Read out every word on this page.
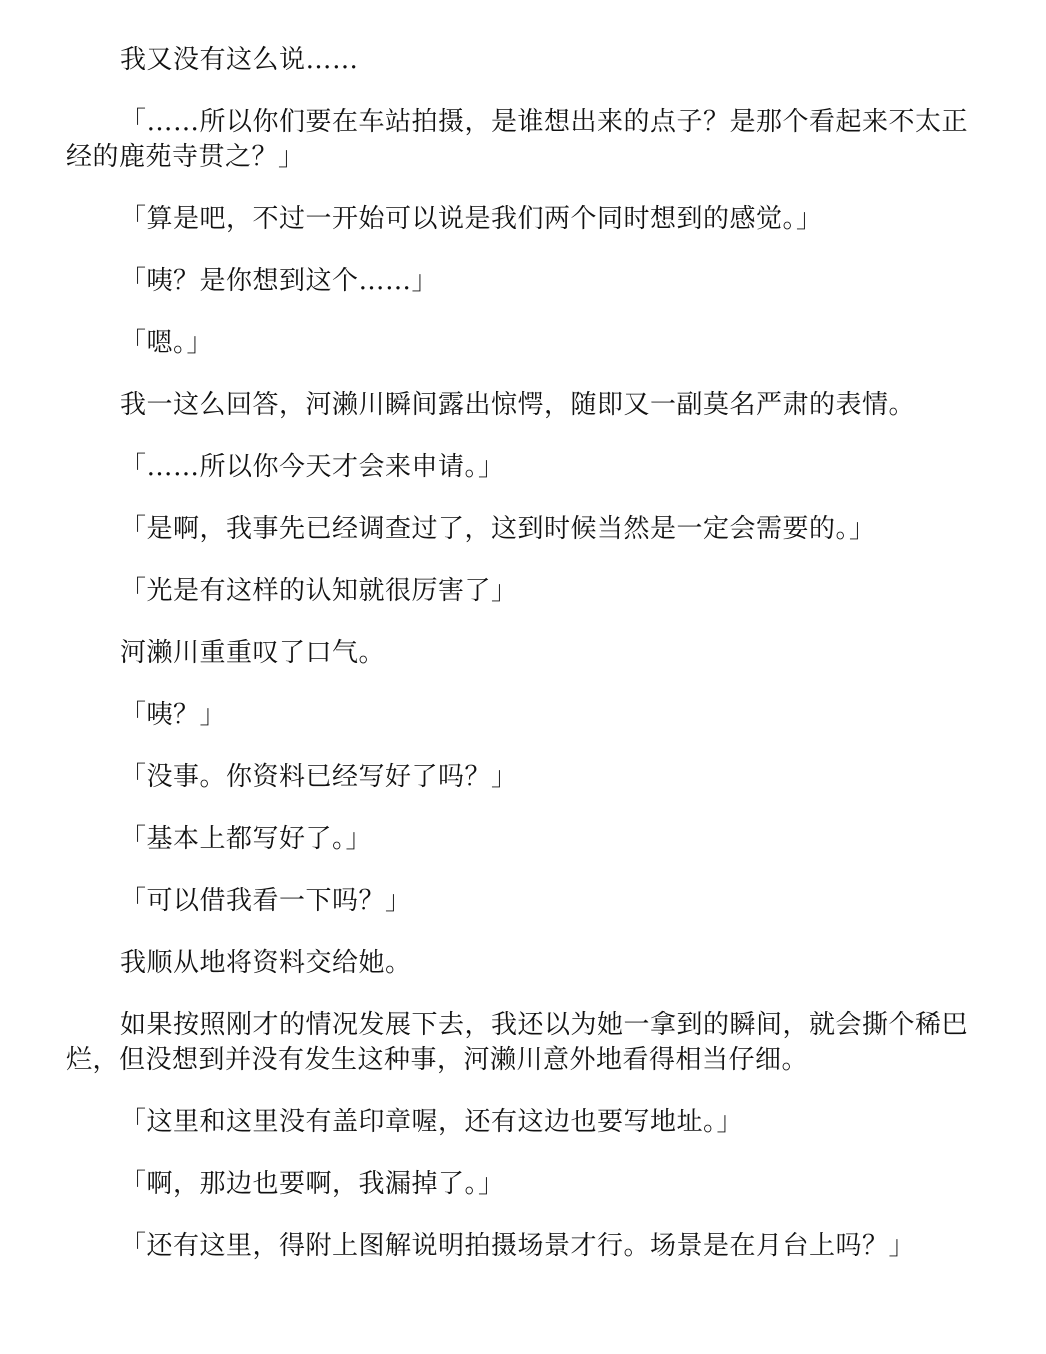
我又没有这么说……

「……所以你们要在车站拍摄，是谁想出来的点子？是那个看起来不太正经的鹿苑寺贯之？」

「算是吧，不过一开始可以说是我们两个同时想到的感觉。」

「咦？是你想到这个……」

「嗯。」

我一这么回答，河濑川瞬间露出惊愕，随即又一副莫名严肃的表情。

「……所以你今天才会来申请。」

「是啊，我事先已经调查过了，这到时候当然是一定会需要的。」

「光是有这样的认知就很厉害了」

河濑川重重叹了口气。

「咦？」

「没事。你资料已经写好了吗？」

「基本上都写好了。」

「可以借我看一下吗？」

我顺从地将资料交给她。

如果按照刚才的情况发展下去，我还以为她一拿到的瞬间，就会撕个稀巴烂，但没想到并没有发生这种事，河濑川意外地看得相当仔细。

「这里和这里没有盖印章喔，还有这边也要写地址。」

「啊，那边也要啊，我漏掉了。」

「还有这里，得附上图解说明拍摄场景才行。场景是在月台上吗？」
